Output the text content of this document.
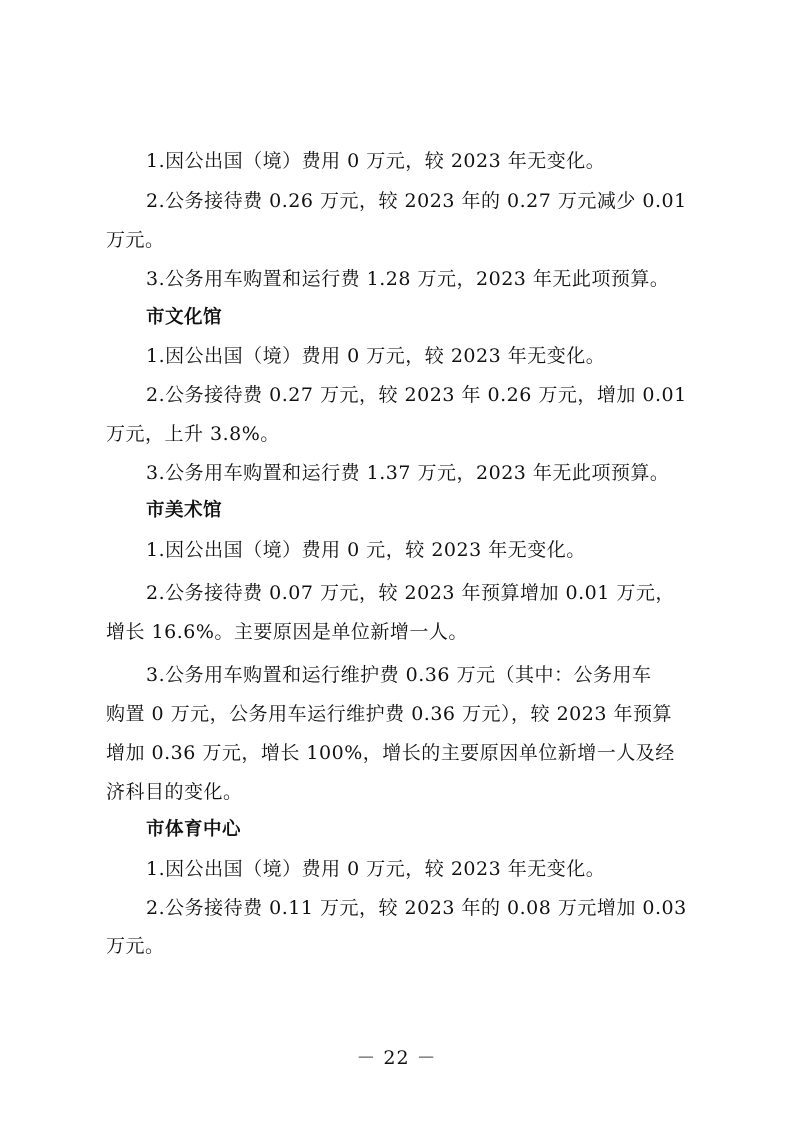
1.因公出国（境）费用 0 万元，较 2023 年无变化。
2.公务接待费 0.26 万元，较 2023 年的 0.27 万元减少 0.01
万元。
3.公务用车购置和运行费 1.28 万元，2023 年无此项预算。
市文化馆
1.因公出国（境）费用 0 万元，较 2023 年无变化。
2.公务接待费 0.27 万元，较 2023 年 0.26 万元，增加 0.01
万元，上升 3.8%。
3.公务用车购置和运行费 1.37 万元，2023 年无此项预算。
市美术馆
1.因公出国（境）费用 0 元，较 2023 年无变化。
2.公务接待费 0.07 万元，较 2023 年预算增加 0.01 万元，
增长 16.6%。主要原因是单位新增一人。
3.公务用车购置和运行维护费 0.36 万元（其中：公务用车
购置 0 万元，公务用车运行维护费 0.36 万元），较 2023 年预算
增加 0.36 万元，增长 100%，增长的主要原因单位新增一人及经
济科目的变化。
市体育中心
1.因公出国（境）费用 0 万元，较 2023 年无变化。
2.公务接待费 0.11 万元，较 2023 年的 0.08 万元增加 0.03
万元。
－ 22 －
